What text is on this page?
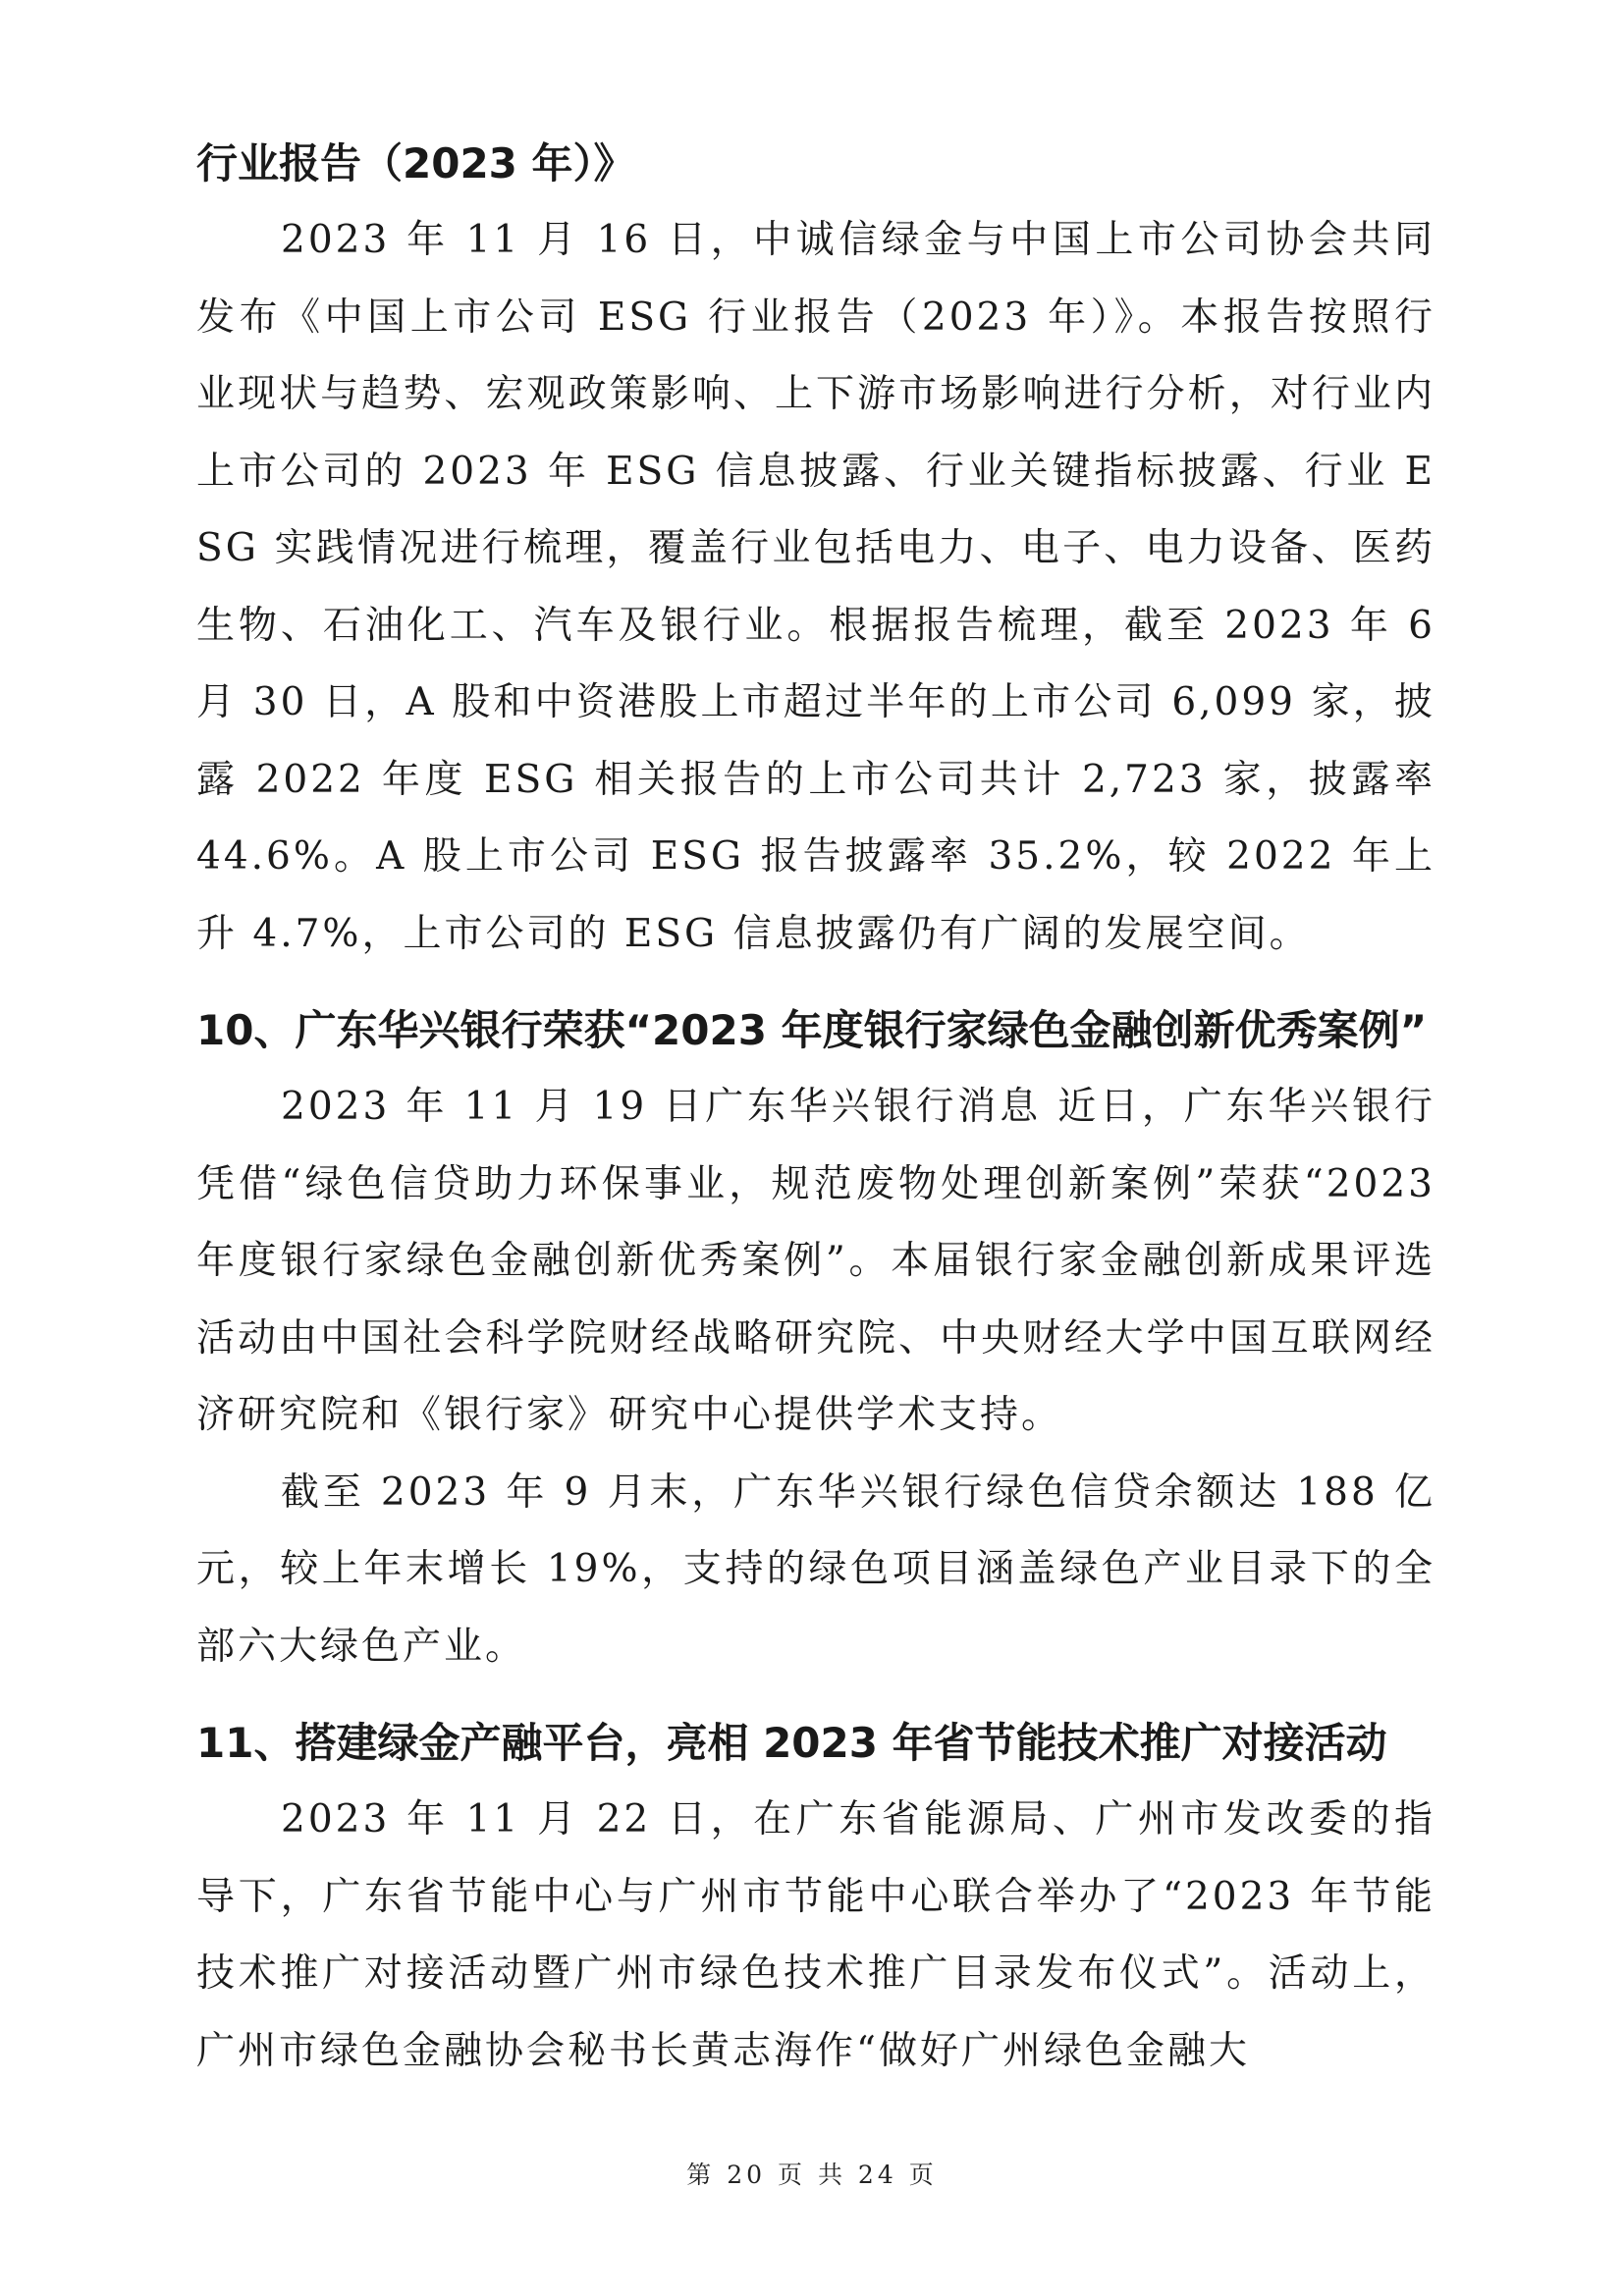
行业报告（2023 年）》

2023 年 11 月 16 日，中诚信绿金与中国上市公司协会共同发布《中国上市公司 ESG 行业报告（2023 年）》。本报告按照行业现状与趋势、宏观政策影响、上下游市场影响进行分析，对行业内上市公司的 2023 年 ESG 信息披露、行业关键指标披露、行业 ESG 实践情况进行梳理，覆盖行业包括电力、电子、电力设备、医药生物、石油化工、汽车及银行业。根据报告梳理，截至 2023 年 6 月 30 日，A 股和中资港股上市超过半年的上市公司 6,099 家，披露 2022 年度 ESG 相关报告的上市公司共计 2,723 家，披露率 44.6%。A 股上市公司 ESG 报告披露率 35.2%，较 2022 年上升 4.7%，上市公司的 ESG 信息披露仍有广阔的发展空间。

10、广东华兴银行荣获“2023 年度银行家绿色金融创新优秀案例”

2023 年 11 月 19 日广东华兴银行消息 近日，广东华兴银行凭借“绿色信贷助力环保事业，规范废物处理创新案例”荣获“2023 年度银行家绿色金融创新优秀案例”。本届银行家金融创新成果评选活动由中国社会科学院财经战略研究院、中央财经大学中国互联网经济研究院和《银行家》研究中心提供学术支持。

截至 2023 年 9 月末，广东华兴银行绿色信贷余额达 188 亿元，较上年末增长 19%，支持的绿色项目涵盖绿色产业目录下的全部六大绿色产业。

11、搭建绿金产融平台，亮相 2023 年省节能技术推广对接活动

2023 年 11 月 22 日，在广东省能源局、广州市发改委的指导下，广东省节能中心与广州市节能中心联合举办了“2023 年节能技术推广对接活动暨广州市绿色技术推广目录发布仪式”。活动上，广州市绿色金融协会秘书长黄志海作“做好广州绿色金融大

第 20 页 共 24 页
